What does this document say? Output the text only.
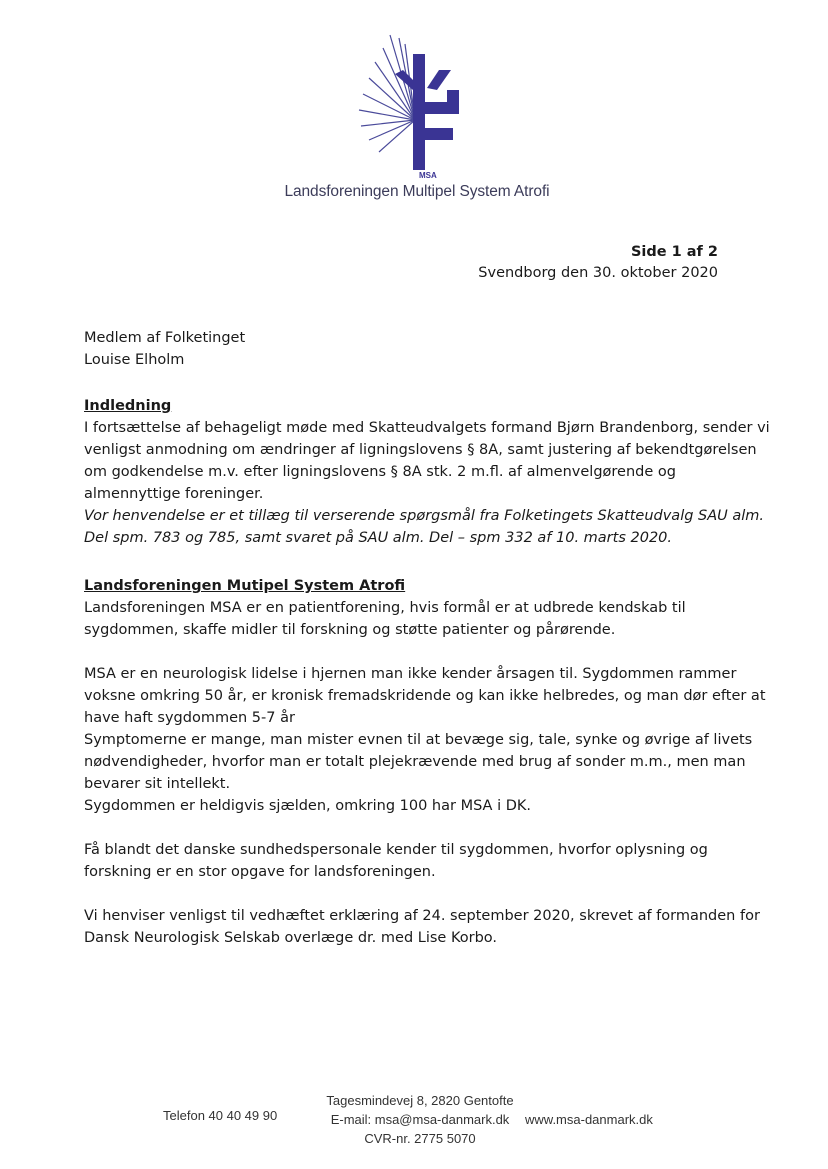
MSA
Landsforeningen Multipel System Atrofi
Side 1 af 2
Svendborg den 30. oktober 2020

Medlem af Folketinget

Louise Elholm

Indledning

I fortsættelse af behageligt møde med Skatteudvalgets formand Bjørn Brandenborg, sender vi venligst anmodning om ændringer af ligningslovens § 8A, samt justering af bekendtgørelsen om godkendelse m.v. efter ligningslovens § 8A stk. 2 m.fl. af almenvelgørende og almennyttige foreninger.

Vor henvendelse er et tillæg til verserende spørgsmål fra Folketingets Skatteudvalg SAU alm. Del spm. 783 og 785, samt svaret på SAU alm. Del – spm 332 af 10. marts 2020.

Landsforeningen Mutipel System Atrofi

Landsforeningen MSA er en patientforening, hvis formål er at udbrede kendskab til sygdommen, skaffe midler til forskning og støtte patienter og pårørende.

MSA er en neurologisk lidelse i hjernen man ikke kender årsagen til. Sygdommen rammer voksne omkring 50 år, er kronisk fremadskridende og kan ikke helbredes, og man dør efter at have haft sygdommen 5-7 år

Symptomerne er mange, man mister evnen til at bevæge sig, tale, synke og øvrige af livets nødvendigheder, hvorfor man er totalt plejekrævende med brug af sonder m.m., men man bevarer sit intellekt.

Sygdommen er heldigvis sjælden, omkring 100 har MSA i DK.

Få blandt det danske sundhedspersonale kender til sygdommen, hvorfor oplysning og forskning er en stor opgave for landsforeningen.

Vi henviser venligst til vedhæftet erklæring af 24. september 2020, skrevet af formanden for Dansk Neurologisk Selskab overlæge dr. med Lise Korbo.

Tagesmindevej 8, 2820 Gentofte
E-mail: msa@msa-danmark.dk
CVR-nr. 2775 5070
Telefon 40 40 49 90	www.msa-danmark.dk
